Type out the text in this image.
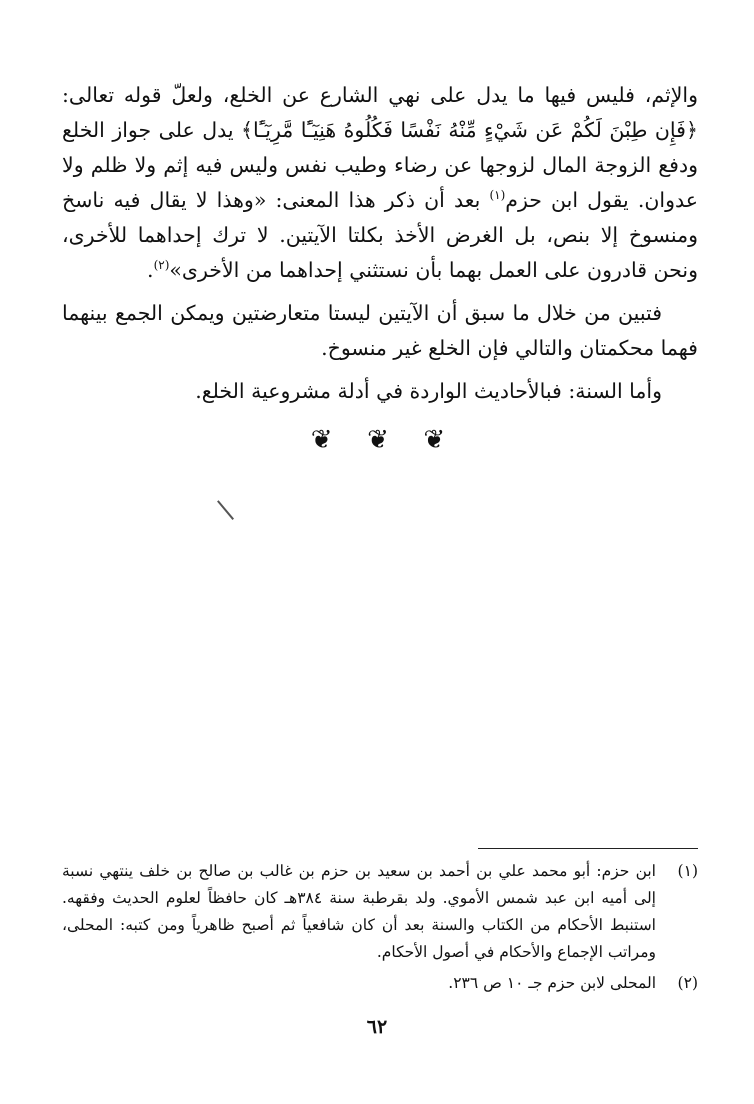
والإثم، فليس فيها ما يدل على نهي الشارع عن الخلع، ولعلّ قوله تعالى: ﴿فَإِن طِبْنَ لَكُمْ عَن شَيْءٍ مِّنْهُ نَفْسًا فَكُلُوهُ هَنِيٓـًٔا مَّرِيٓـًٔا﴾ يدل على جواز الخلع ودفع الزوجة المال لزوجها عن رضاء وطيب نفس وليس فيه إثم ولا ظلم ولا عدوان. يقول ابن حزم$^{(١)}$ بعد أن ذكر هذا المعنى: «وهذا لا يقال فيه ناسخ ومنسوخ إلا بنص، بل الغرض الأخذ بكلتا الآيتين. لا ترك إحداهما للأخرى، ونحن قادرون على العمل بهما بأن نستثني إحداهما من الأخرى»$^{(٢)}$.

فتبين من خلال ما سبق أن الآيتين ليستا متعارضتين ويمكن الجمع بينهما فهما محكمتان والتالي فإن الخلع غير منسوخ.

وأما السنة: فبالأحاديث الواردة في أدلة مشروعية الخلع.

❦ ❦ ❦
(١)
ابن حزم: أبو محمد علي بن أحمد بن سعيد بن حزم بن غالب بن صالح بن خلف ينتهي نسبة إلى أميه ابن عبد شمس الأموي. ولد بقرطبة سنة ٣٨٤هـ كان حافظاً لعلوم الحديث وفقهه. استنبط الأحكام من الكتاب والسنة بعد أن كان شافعياً ثم أصبح ظاهرياً ومن كتبه: المحلى، ومراتب الإجماع والأحكام في أصول الأحكام.
(٢)
المحلى لابن حزم جـ ١٠ ص ٢٣٦.
٦٢
